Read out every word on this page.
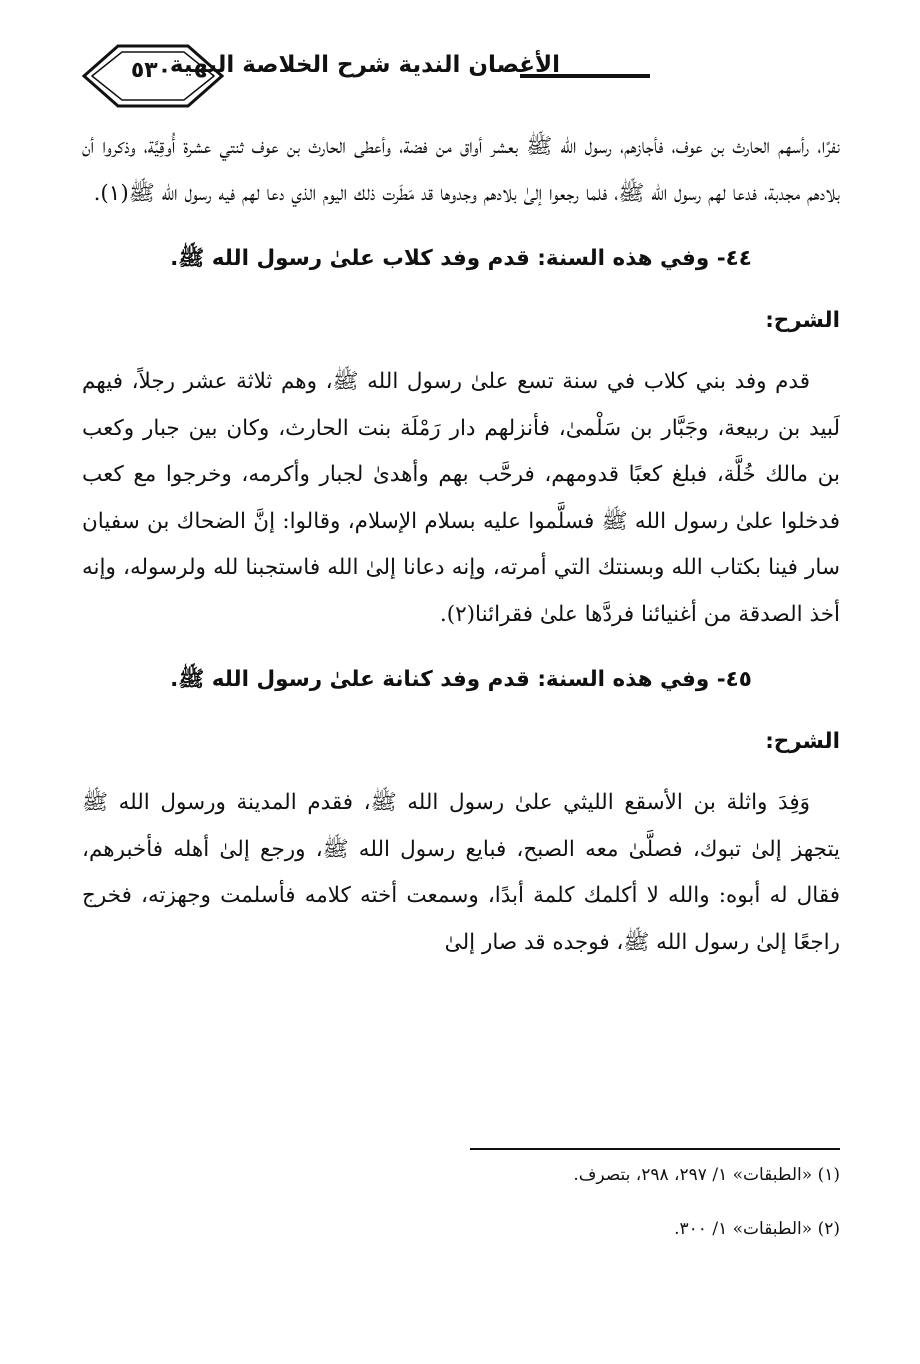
٥٣٠
الأغصان الندية شرح الخلاصة البهية

نفرًا، رأسهم الحارث بن عوف، فأجازهم، رسول الله ﷺ بعشر أواق من فضة، وأعطى الحارث بن عوف ثنتي عشرة أُوقِيَّة، وذكروا أن بلادهم مجدبة، فدعا لهم رسول الله ﷺ، فلما رجعوا إلىٰ بلادهم وجدوها قد مَطَرت ذلك اليوم الذي دعا لهم فيه رسول الله ﷺ(١).

٤٤- وفي هذه السنة: قدم وفد كلاب علىٰ رسول الله ﷺ.
الشرح:

قدم وفد بني كلاب في سنة تسع علىٰ رسول الله ﷺ، وهم ثلاثة عشر رجلاً، فيهم لَبيد بن ربيعة، وجَبَّار بن سَلْمىٰ، فأنزلهم دار رَمْلَة بنت الحارث، وكان بين جبار وكعب بن مالك خُلَّة، فبلغ كعبًا قدومهم، فرحَّب بهم وأهدىٰ لجبار وأكرمه، وخرجوا مع كعب فدخلوا علىٰ رسول الله ﷺ فسلَّموا عليه بسلام الإسلام، وقالوا: إنَّ الضحاك بن سفيان سار فينا بكتاب الله وبسنتك التي أمرته، وإنه دعانا إلىٰ الله فاستجبنا لله ولرسوله، وإنه أخذ الصدقة من أغنيائنا فردَّها علىٰ فقرائنا(٢).

٤٥- وفي هذه السنة: قدم وفد كنانة علىٰ رسول الله ﷺ.
الشرح:

وَفِدَ واثلة بن الأسقع الليثي علىٰ رسول الله ﷺ، فقدم المدينة ورسول الله ﷺ يتجهز إلىٰ تبوك، فصلَّىٰ معه الصبح، فبايع رسول الله ﷺ، ورجع إلىٰ أهله فأخبرهم، فقال له أبوه: والله لا أكلمك كلمة أبدًا، وسمعت أخته كلامه فأسلمت وجهزته، فخرج راجعًا إلىٰ رسول الله ﷺ، فوجده قد صار إلىٰ

(١) «الطبقات» ١/ ٢٩٧، ٢٩٨، بتصرف.

(٢) «الطبقات» ١/ ٣٠٠.
